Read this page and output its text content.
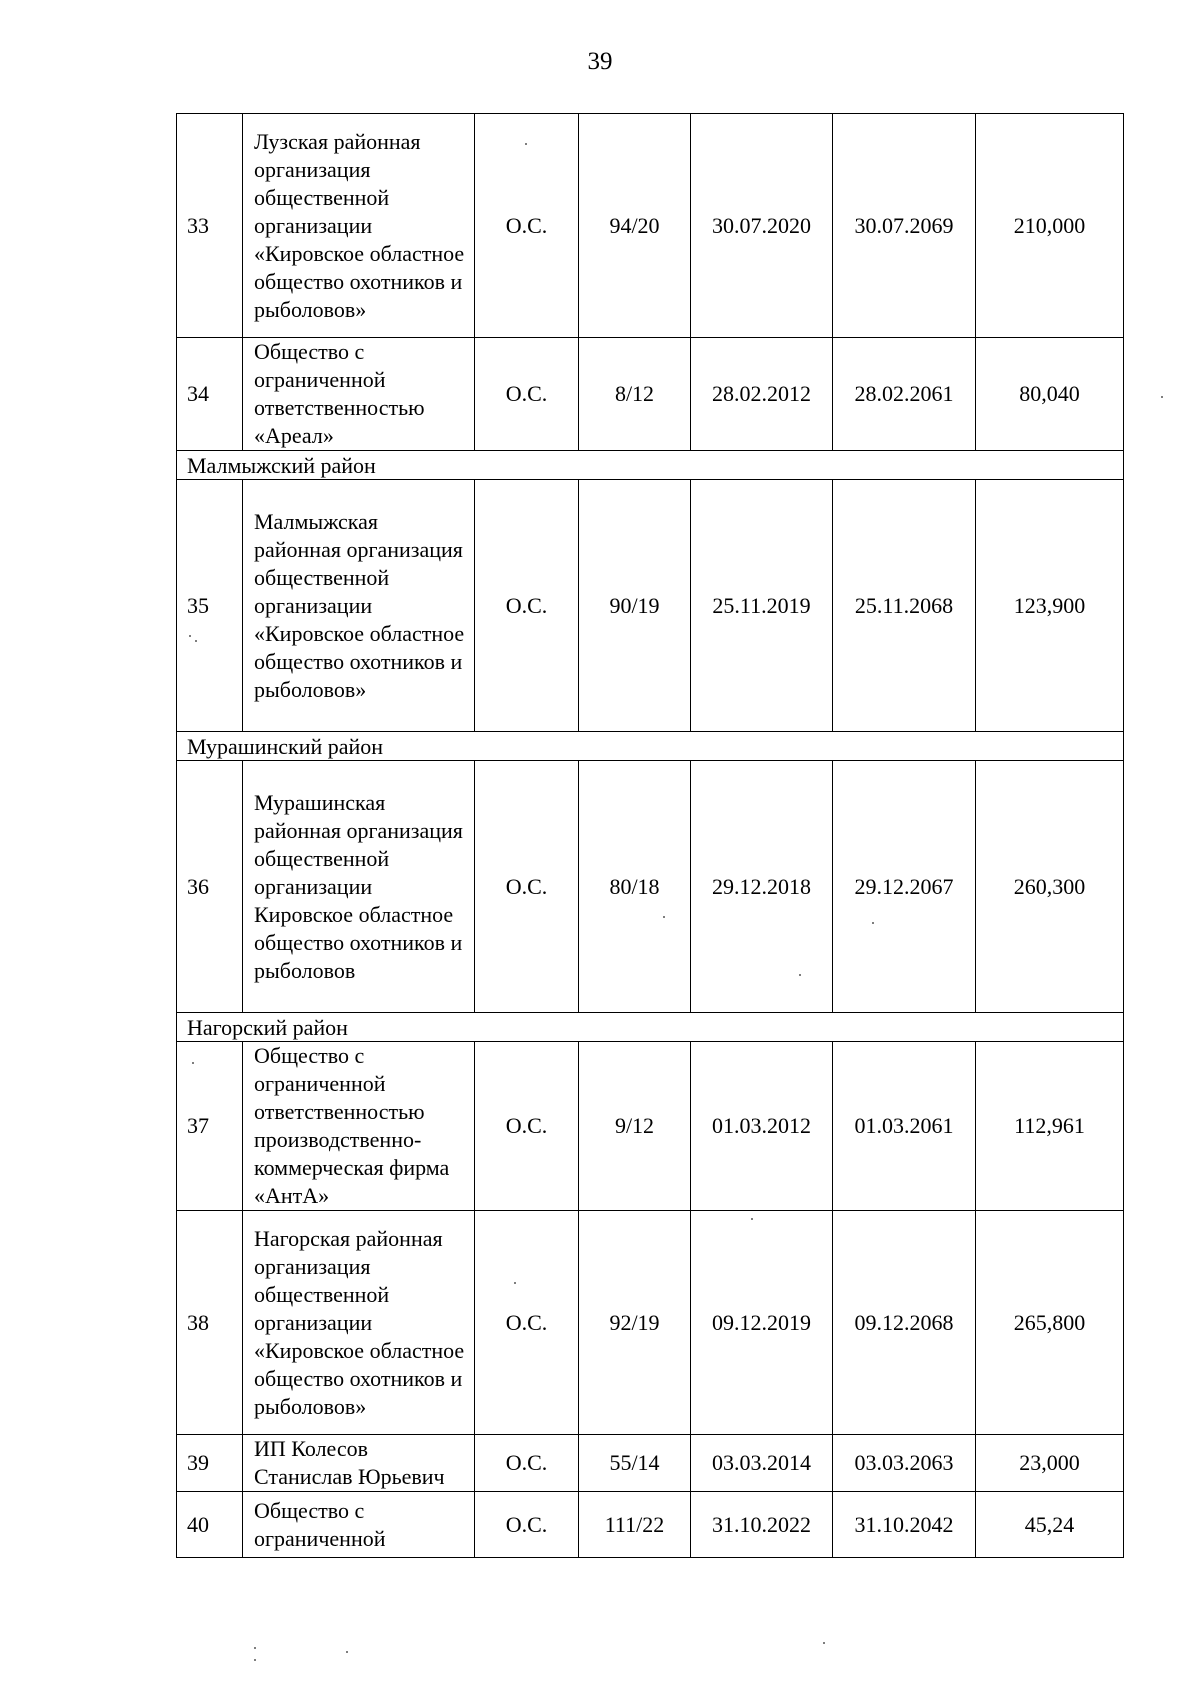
39
33	Лузская районная организация общественной организации «Кировское областное общество охотников и рыболовов»	О.С.	94/20	30.07.2020	30.07.2069	210,000
34	Общество с ограниченной ответственностью «Ареал»	О.С.	8/12	28.02.2012	28.02.2061	80,040
Малмыжский район						
35	Малмыжская районная организация общественной организации «Кировское областное общество охотников и рыболовов»	О.С.	90/19	25.11.2019	25.11.2068	123,900
Мурашинский район						
36	Мурашинская районная организация общественной организации Кировское областное общество охотников и рыболовов	О.С.	80/18	29.12.2018	29.12.2067	260,300
Нагорский район						
37	Общество с ограниченной ответственностью производственно-коммерческая фирма «АнтА»	О.С.	9/12	01.03.2012	01.03.2061	112,961
38	Нагорская районная организация общественной организации «Кировское областное общество охотников и рыболовов»	О.С.	92/19	09.12.2019	09.12.2068	265,800
39	ИП Колесов Станислав Юрьевич	О.С.	55/14	03.03.2014	03.03.2063	23,000
40	Общество с ограниченной	О.С.	111/22	31.10.2022	31.10.2042	45,24
